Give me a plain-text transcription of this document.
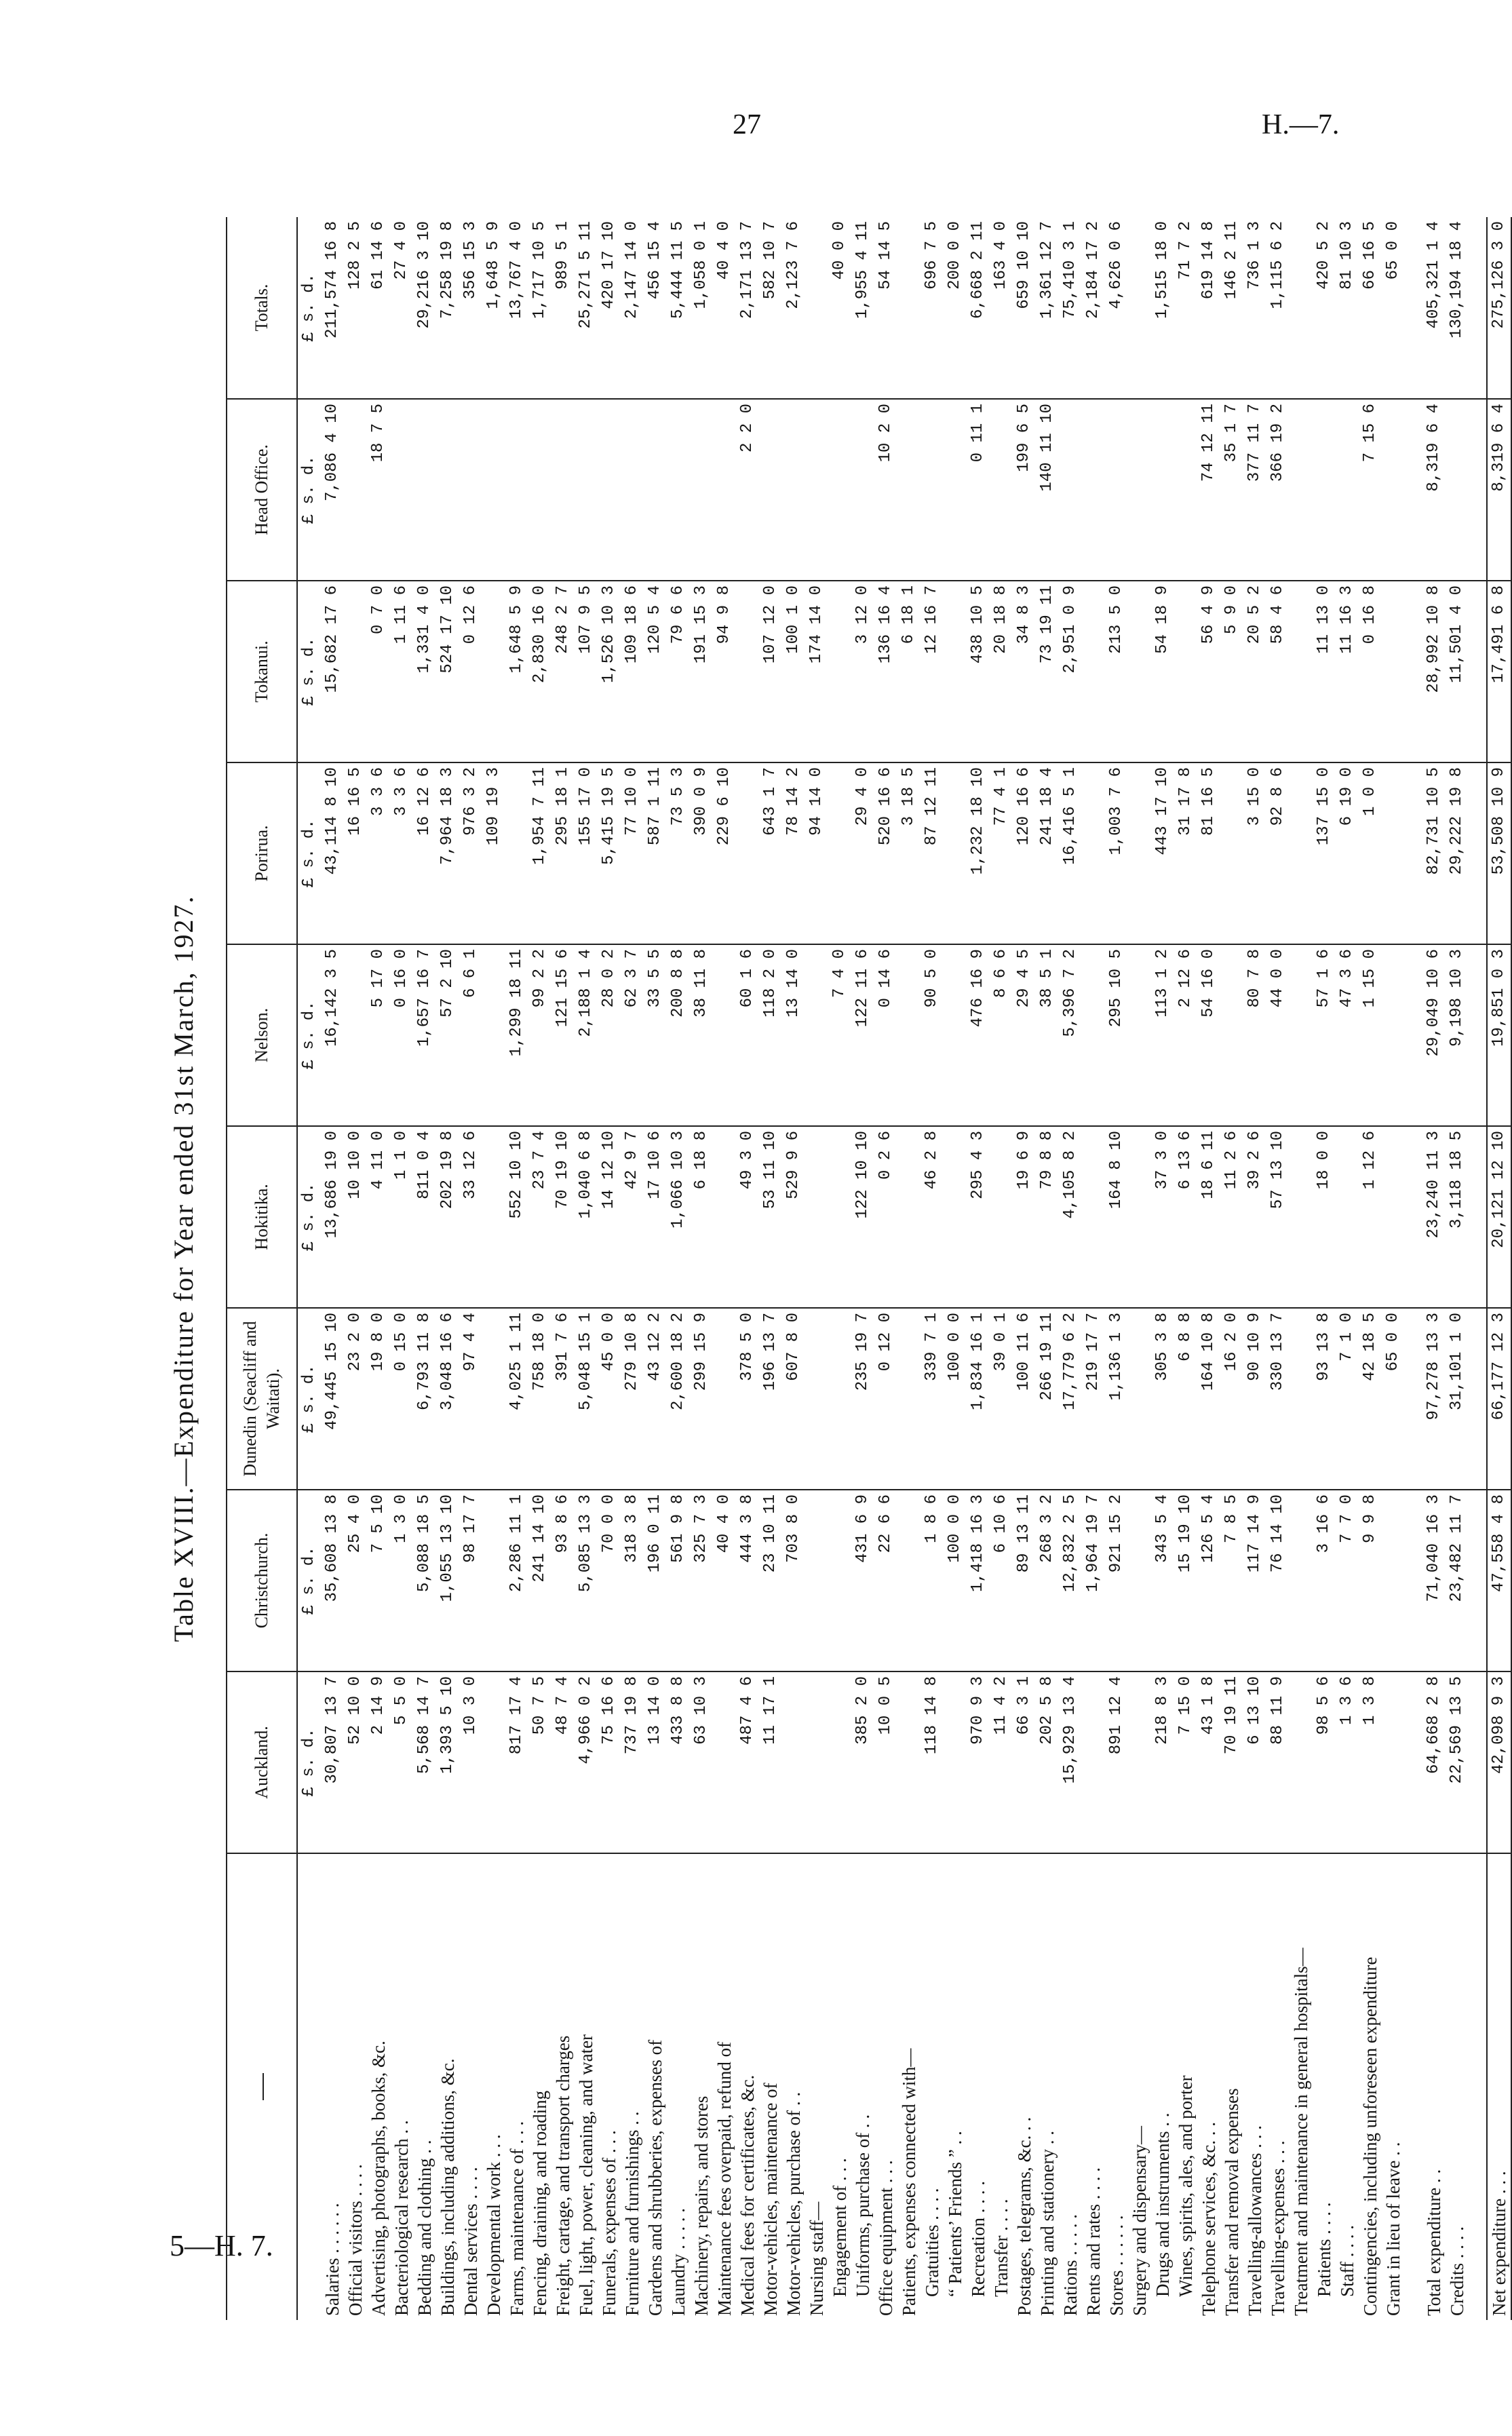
27	H.—7.
5—H. 7.
Table XVIII.—Expenditure for Year ended 31st March, 1927.
	Auckland.	Christchurch.	Dunedin (Seacliff and Waitati).	Hokitika.	Nelson.	Porirua.	Tokanui.	Head Office.	Totals.
	£ s. d.	£ s. d.	£ s. d.	£ s. d.	£ s. d.	£ s. d.	£ s. d.	£ s. d.	£ s. d.
Salaries . . . . . .	30,807 13 7	35,608 13 8	49,445 15 10	13,686 19 0	16,142 3 5	43,114 8 10	15,682 17 6	7,086 4 10	211,574 16 8
Official visitors . . . .	52 10 0	25 4 0	23 2 0	10 10 0		16 16 5			128 2 5
Advertising, photographs, books, &c.	2 14 9	7 5 10	19 8 0	4 11 0	5 17 0	3 3 6	0 7 0	18 7 5	61 14 6
Bacteriological research . .	5 5 0	1 3 0	0 15 0	1 1 0	0 16 0	3 3 6	1 11 6		27 4 0
Bedding and clothing . .	5,568 14 7	5,088 18 5	6,793 11 8	811 0 4	1,657 16 7	16 12 6	1,331 4 0		29,216 3 10
Buildings, including additions, &c.	1,393 5 10	1,055 13 10	3,048 16 6	202 19 8	57 2 10	7,964 18 3	524 17 10		7,258 19 8
Dental services . . . .	10 3 0	98 17 7	97 4 4	33 12 6	6 6 1	976 3 2	0 12 6		356 15 3
Developmental work . . .						109 19 3			1,648 5 9
Farms, maintenance of . . .	817 17 4	2,286 11 1	4,025 1 11	552 10 10	1,299 18 11		1,648 5 9		13,767 4 0
Fencing, draining, and roading	50 7 5	241 14 10	758 18 0	23 7 4	99 2 2	1,954 7 11	2,830 16 0		1,717 10 5
Freight, cartage, and transport charges	48 7 4	93 8 6	391 7 6	70 19 10	121 15 6	295 18 1	248 2 7		989 5 1
Fuel, light, power, cleaning, and water	4,966 0 2	5,085 13 3	5,048 15 1	1,040 6 8	2,188 1 4	155 17 0	107 9 5		25,271 5 11
Funerals, expenses of . . .	75 16 6	70 0 0	45 0 0	14 12 10	28 0 2	5,415 19 5	1,526 10 3		420 17 10
Furniture and furnishings . .	737 19 8	318 3 8	279 10 8	42 9 7	62 3 7	77 10 0	109 18 6		2,147 14 0
Gardens and shrubberies, expenses of	13 14 0	196 0 11	43 12 2	17 10 6	33 5 5	587 1 11	120 5 4		456 15 4
Laundry . . . . .	433 8 8	561 9 8	2,600 18 2	1,066 10 3	200 8 8	73 5 3	79 6 6		5,444 11 5
Machinery, repairs, and stores	63 10 3	325 7 3	299 15 9	6 18 8	38 11 8	390 0 9	191 15 3		1,058 0 1
Maintenance fees overpaid, refund of		40 4 0				229 6 10	94 9 8		40 4 0
Medical fees for certificates, &c.	487 4 6	444 3 8	378 5 0	49 3 0	60 1 6			2 2 0	2,171 13 7
Motor-vehicles, maintenance of	11 17 1	23 10 11	196 13 7	53 11 10	118 2 0	643 1 7	107 12 0		582 10 7
Motor-vehicles, purchase of . .		703 8 0	607 8 0	529 9 6	13 14 0	78 14 2	100 1 0		2,123 7 6
Nursing staff—						94 14 0	174 14 0		
Engagement of . . .					7 4 0				40 0 0
Uniforms, purchase of . .	385 2 0	431 6 9	235 19 7	122 10 10	122 11 6	29 4 0	3 12 0		1,955 4 11
Office equipment . . .	10 0 5	22 6 6	0 12 0	0 2 6	0 14 6	520 16 6	136 16 4	10 2 0	54 14 5
Patients, expenses connected with—						3 18 5	6 18 1		
Gratuities . . . .	118 14 8	1 8 6	339 7 1	46 2 8	90 5 0	87 12 11	12 16 7		696 7 5
“ Patients’ Friends ” . .		100 0 0	100 0 0						200 0 0
Recreation . . . .	970 9 3	1,418 16 3	1,834 16 1	295 4 3	476 16 9	1,232 18 10	438 10 5	0 11 1	6,668 2 11
Transfer . . . .	11 4 2	6 10 6	39 0 1		8 6 6	77 4 1	20 18 8		163 4 0
Postages, telegrams, &c. . .	66 3 1	89 13 11	100 11 6	19 6 9	29 4 5	120 16 6	34 8 3	199 6 5	659 10 10
Printing and stationery . .	202 5 8	268 3 2	266 19 11	79 8 8	38 5 1	241 18 4	73 19 11	140 11 10	1,361 12 7
Rations . . . . .	15,929 13 4	12,832 2 5	17,779 6 2	4,105 8 2	5,396 7 2	16,416 5 1	2,951 0 9		75,410 3 1
Rents and rates . . . .		1,964 19 7	219 17 7						2,184 17 2
Stores . . . . . .	891 12 4	921 15 2	1,136 1 3	164 8 10	295 10 5	1,003 7 6	213 5 0		4,626 0 6
Surgery and dispensary—									
Drugs and instruments . .	218 8 3	343 5 4	305 3 8	37 3 0	113 1 2	443 17 10	54 18 9		1,515 18 0
Wines, spirits, ales, and porter	7 15 0	15 19 10	6 8 8	6 13 6	2 12 6	31 17 8			71 7 2
Telephone services, &c. . .	43 1 8	126 5 4	164 10 8	18 6 11	54 16 0	81 16 5	56 4 9	74 12 11	619 14 8
Transfer and removal expenses	70 19 11	7 8 5	16 2 0	11 2 6			5 9 0	35 1 7	146 2 11
Travelling-allowances . . .	6 13 10	117 14 9	90 10 9	39 2 6	80 7 8	3 15 0	20 5 2	377 11 7	736 1 3
Travelling-expenses . . .	88 11 9	76 14 10	330 13 7	57 13 10	44 0 0	92 8 6	58 4 6	366 19 2	1,115 6 2
Treatment and maintenance in general hospitals—									
Patients . . . .	98 5 6	3 16 6	93 13 8	18 0 0	57 1 6	137 15 0	11 13 0		420 5 2
Staff . . . .	1 3 6	7 7 0	7 1 0		47 3 6	6 19 0	11 16 3		81 10 3
Contingencies, including unforeseen expenditure	1 3 8	9 9 8	42 18 5	1 12 6	1 15 0	1 0 0	0 16 8	7 15 6	66 16 5
Grant in lieu of leave . .			65 0 0						65 0 0

Total expenditure . .	64,668 2 8	71,040 16 3	97,278 13 3	23,240 11 3	29,049 10 6	82,731 10 5	28,992 10 8	8,319 6 4	405,321 1 4
Credits . . . .	22,569 13 5	23,482 11 7	31,101 1 0	3,118 18 5	9,198 10 3	29,222 19 8	11,501 4 0		130,194 18 4

Net expenditure . . .	42,098 9 3	47,558 4 8	66,177 12 3	20,121 12 10	19,851 0 3	53,508 10 9	17,491 6 8	8,319 6 4	275,126 3 0
